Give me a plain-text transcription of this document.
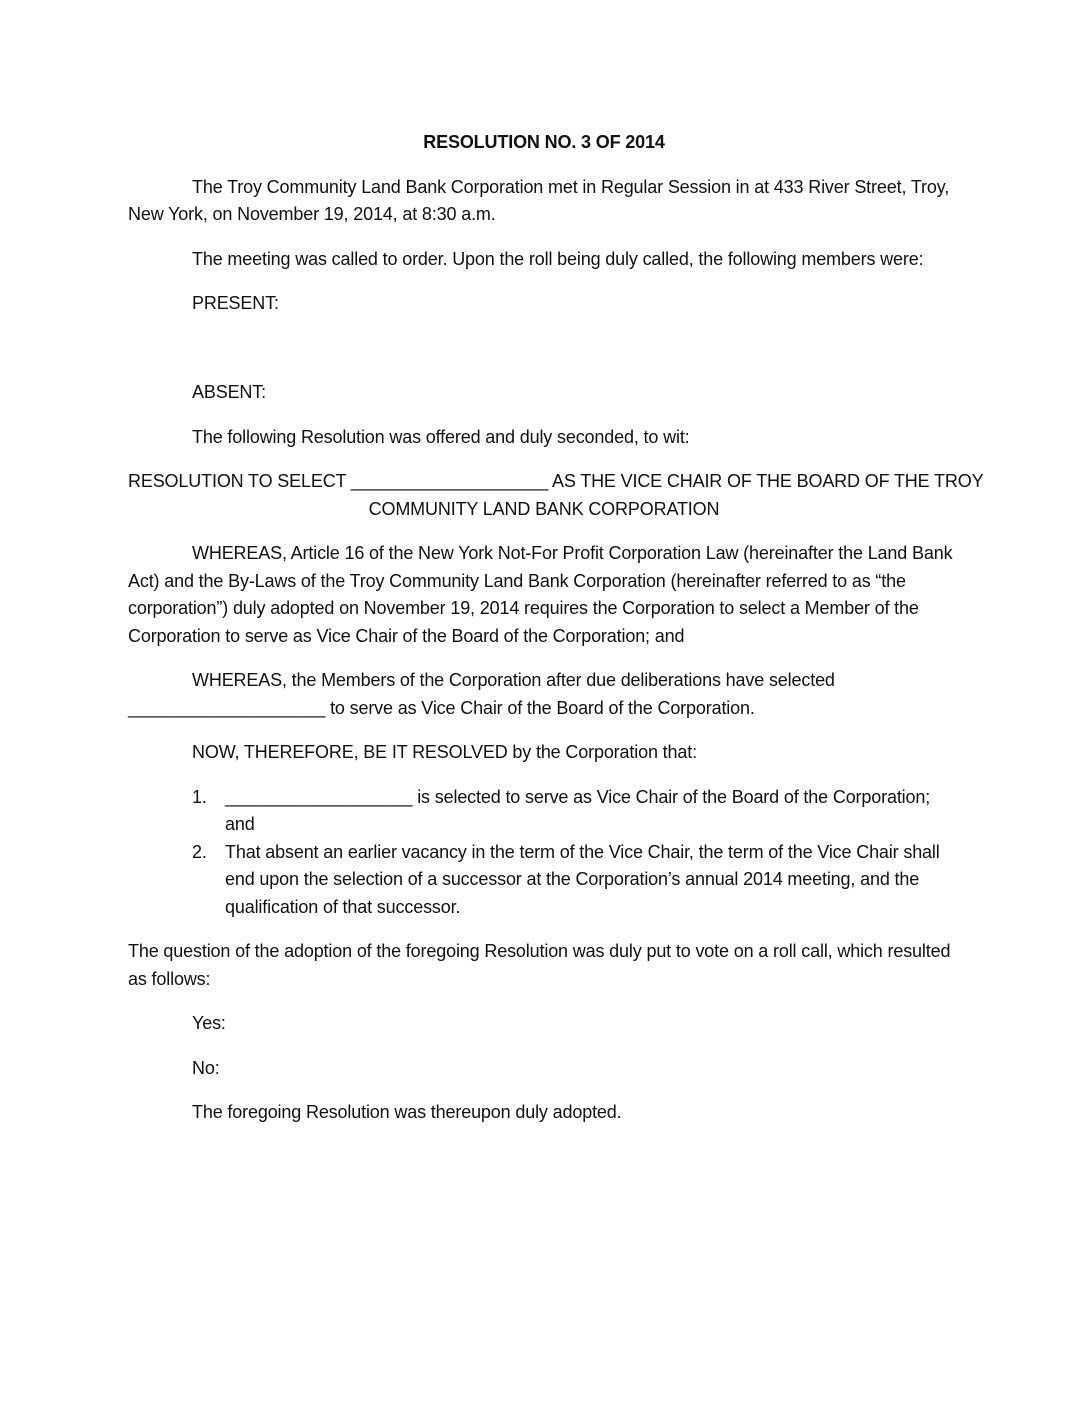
RESOLUTION NO. 3 OF 2014
The Troy Community Land Bank Corporation met in Regular Session in at 433 River Street, Troy, New York, on November 19, 2014, at 8:30 a.m.
The meeting was called to order. Upon the roll being duly called, the following members were:
PRESENT:
ABSENT:
The following Resolution was offered and duly seconded, to wit:
RESOLUTION TO SELECT ____________________ AS THE VICE CHAIR OF THE BOARD OF THE TROY
COMMUNITY LAND BANK CORPORATION
WHEREAS, Article 16 of the New York Not-For Profit Corporation Law (hereinafter the Land Bank Act) and the By-Laws of the Troy Community Land Bank Corporation (hereinafter referred to as “the corporation”) duly adopted on November 19, 2014 requires the Corporation to select a Member of the Corporation to serve as Vice Chair of the Board of the Corporation; and
WHEREAS, the Members of the Corporation after due deliberations have selected ____________________ to serve as Vice Chair of the Board of the Corporation.
NOW, THEREFORE, BE IT RESOLVED by the Corporation that:
1.	___________________ is selected to serve as Vice Chair of the Board of the Corporation; and
2.	That absent an earlier vacancy in the term of the Vice Chair, the term of the Vice Chair shall end upon the selection of a successor at the Corporation’s annual 2014 meeting, and the qualification of that successor.
The question of the adoption of the foregoing Resolution was duly put to vote on a roll call, which resulted as follows:
Yes:
No:
The foregoing Resolution was thereupon duly adopted.
